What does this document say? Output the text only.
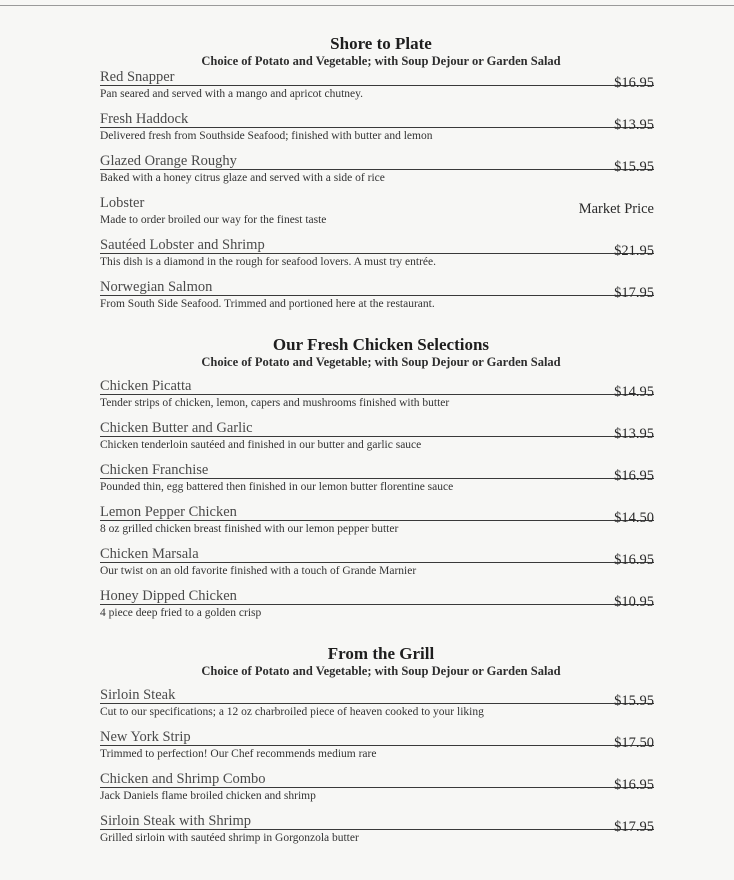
Shore to Plate
Choice of Potato and Vegetable; with Soup Dejour or Garden Salad
Red Snapper	$16.95
Pan seared and served with a mango and apricot chutney.
Fresh Haddock	$13.95
Delivered fresh from Southside Seafood; finished with butter and lemon
Glazed Orange Roughy	$15.95
Baked with a honey citrus glaze and served with a side of rice
Lobster	Market Price
Made to order broiled our way for the finest taste
Sautéed Lobster and Shrimp	$21.95
This dish is a diamond in the rough for seafood lovers. A must try entrée.
Norwegian Salmon	$17.95
From South Side Seafood. Trimmed and portioned here at the restaurant.
Our Fresh Chicken Selections
Choice of Potato and Vegetable; with Soup Dejour or Garden Salad
Chicken Picatta	$14.95
Tender strips of chicken, lemon, capers and mushrooms finished with butter
Chicken Butter and Garlic	$13.95
Chicken tenderloin sautéed and finished in our butter and garlic sauce
Chicken Franchise	$16.95
Pounded thin, egg battered then finished in our lemon butter florentine sauce
Lemon Pepper Chicken	$14.50
8 oz grilled chicken breast finished with our lemon pepper butter
Chicken Marsala	$16.95
Our twist on an old favorite finished with a touch of Grande Marnier
Honey Dipped Chicken	$10.95
4 piece deep fried to a golden crisp
From the Grill
Choice of Potato and Vegetable; with Soup Dejour or Garden Salad
Sirloin Steak	$15.95
Cut to our specifications; a 12 oz charbroiled piece of heaven cooked to your liking
New York Strip	$17.50
Trimmed to perfection! Our Chef recommends medium rare
Chicken and Shrimp Combo	$16.95
Jack Daniels flame broiled chicken and shrimp
Sirloin Steak with Shrimp	$17.95
Grilled sirloin with sautéed shrimp in Gorgonzola butter
